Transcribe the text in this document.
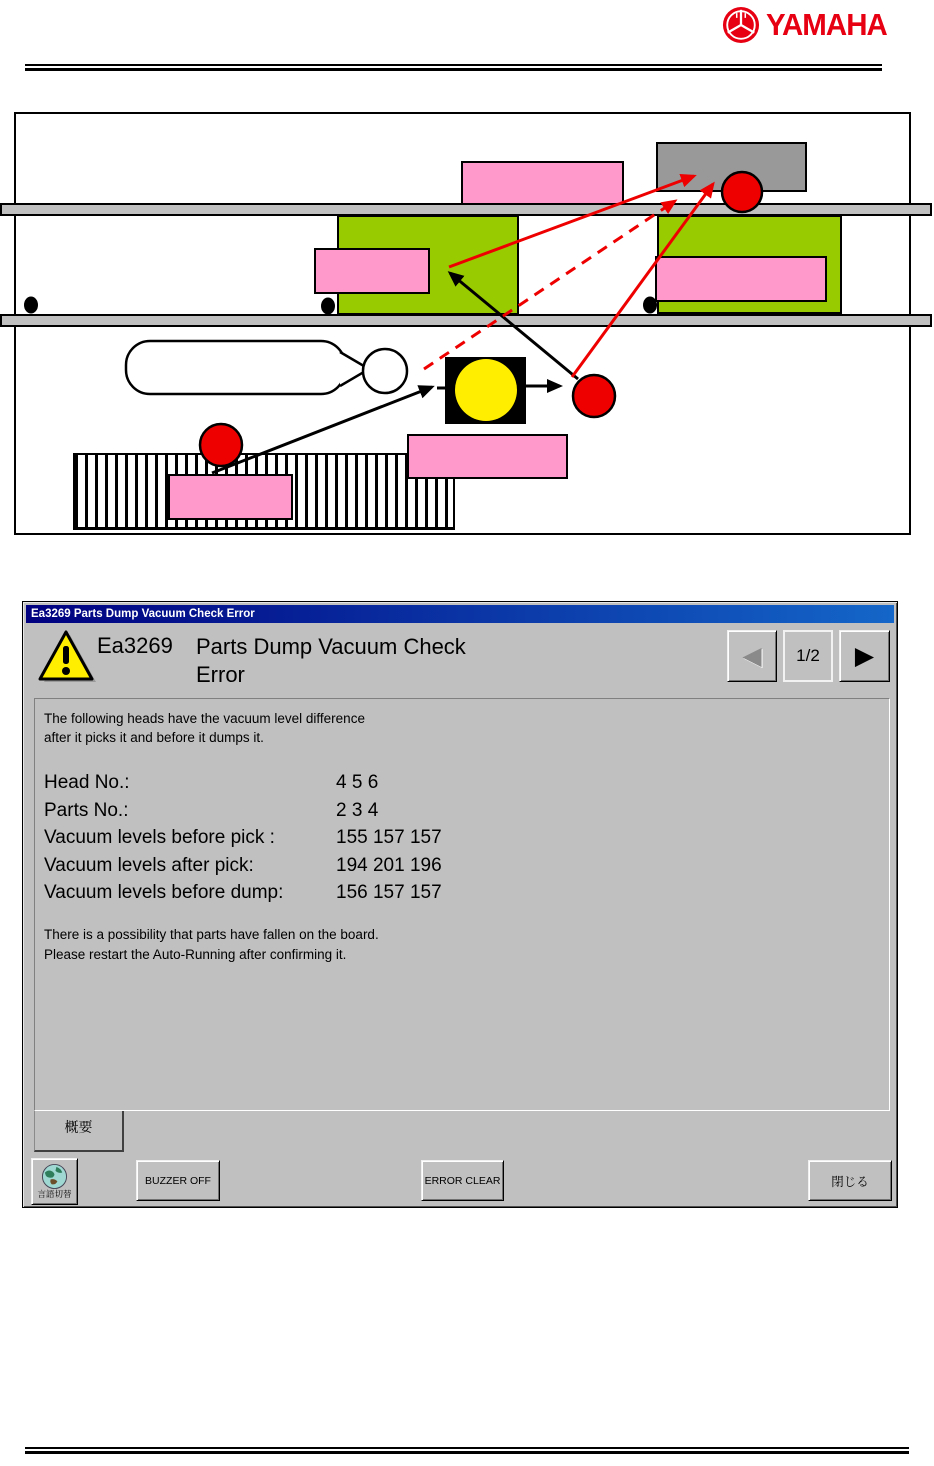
YAMAHA
Ea3269 Parts Dump Vacuum Check Error
Ea3269 Parts Dump Vacuum Check
Error
◀	1/2	▶
The following heads have the vacuum level difference
after it picks it and before it dumps it.
Head No.:	4 5 6
Parts No.:	2 3 4
Vacuum levels before pick :	155 157 157
Vacuum levels after pick:	194 201 196
Vacuum levels before dump:	156 157 157
There is a possibility that parts have fallen on the board.
Please restart the Auto-Running after confirming it.
概要
言語切替
BUZZER OFF	ERROR CLEAR	閉じる
